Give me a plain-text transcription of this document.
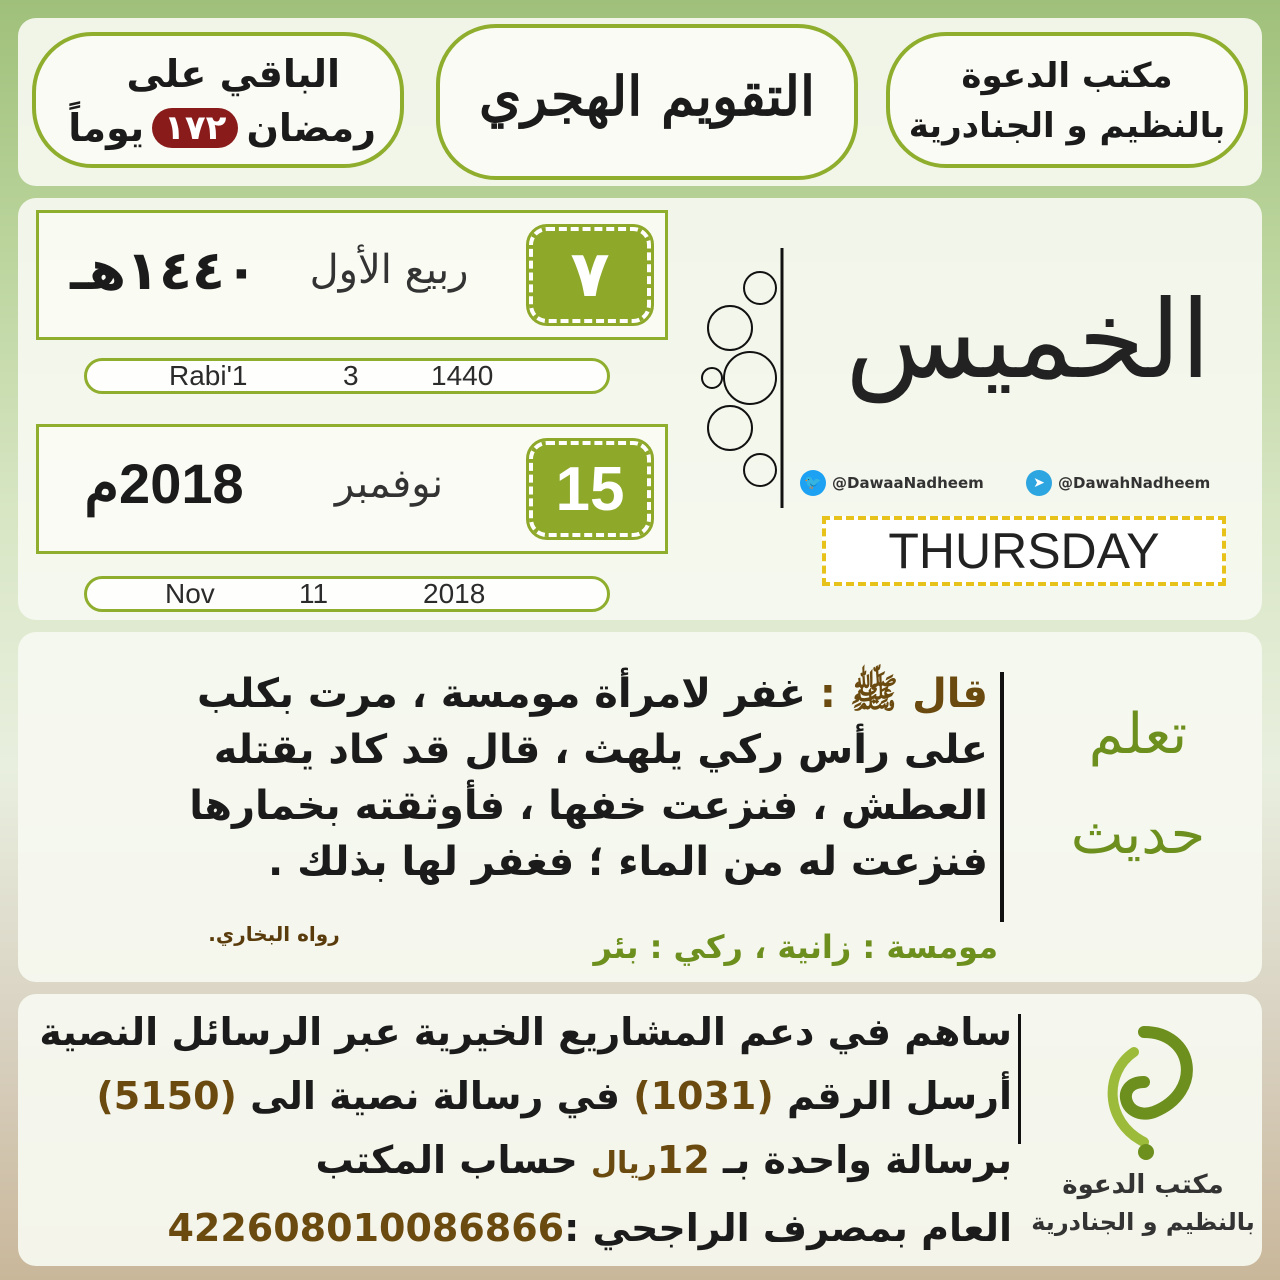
الباقي على
رمضان
١٧٢
يوماً	التقويم الهجري	مكتب الدعوة
بالنظيم و الجنادرية
٧
ربيع الأول
١٤٤٠هـ
Rabi'1	3	1440
15
نوفمبر
2018م
Nov	11	2018
الخميس
🐦 @DawaaNadheem	➤ @DawahNadheem
THURSDAY
تعلم
حديث
قال ﷺ : غفر لامرأة مومسة ، مرت بكلب
على رأس ركي يلهث ، قال قد كاد يقتله
العطش ، فنزعت خفها ، فأوثقته بخمارها
فنزعت له من الماء ؛ فغفر لها بذلك .
رواه البخاري.	مومسة : زانية ، ركي : بئر
مكتب الدعوة
بالنظيم و الجنادرية
ساهم في دعم المشاريع الخيرية عبر الرسائل النصية
أرسل الرقم (1031) في رسالة نصية الى (5150)
برسالة واحدة بـ 12ريال حساب المكتب
العام بمصرف الراجحي :422608010086866
